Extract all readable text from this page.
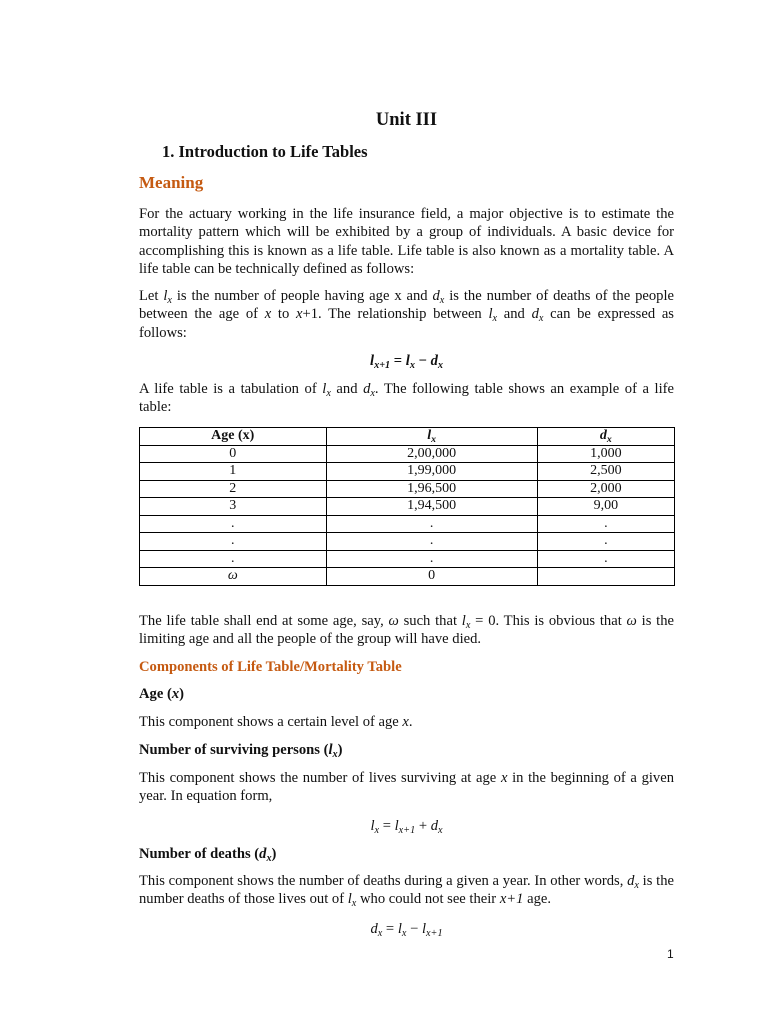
Unit III
1. Introduction to Life Tables
Meaning
For the actuary working in the life insurance field, a major objective is to estimate the mortality pattern which will be exhibited by a group of individuals. A basic device for accomplishing this is known as a life table. Life table is also known as a mortality table. A life table can be technically defined as follows:
Let $l_x$ is the number of people having age x and $d_x$ is the number of deaths of the people between the age of x to x+1. The relationship between $l_x$ and $d_x$ can be expressed as follows:
$l_{x+1} = l_x - d_x$
A life table is a tabulation of $l_x$ and $d_x$. The following table shows an example of a life table:
Age (x)	$l_x$	$d_x$
0	2,00,000	1,000
1	1,99,000	2,500
2	1,96,500	2,000
3	1,94,500	9,00
.	.	.
.	.	.
.	.	.
ω	0	
The life table shall end at some age, say, ω such that $l_x = 0$. This is obvious that ω is the limiting age and all the people of the group will have died.
Components of Life Table/Mortality Table
Age (x)
This component shows a certain level of age x.
Number of surviving persons $(l_x)$
This component shows the number of lives surviving at age x in the beginning of a given year. In equation form,
$l_x = l_{x+1} + d_x$
Number of deaths $(d_x)$
This component shows the number of deaths during a given a year. In other words, $d_x$ is the number deaths of those lives out of $l_x$ who could not see their x+1 age.
$d_x = l_x - l_{x+1}$
1
